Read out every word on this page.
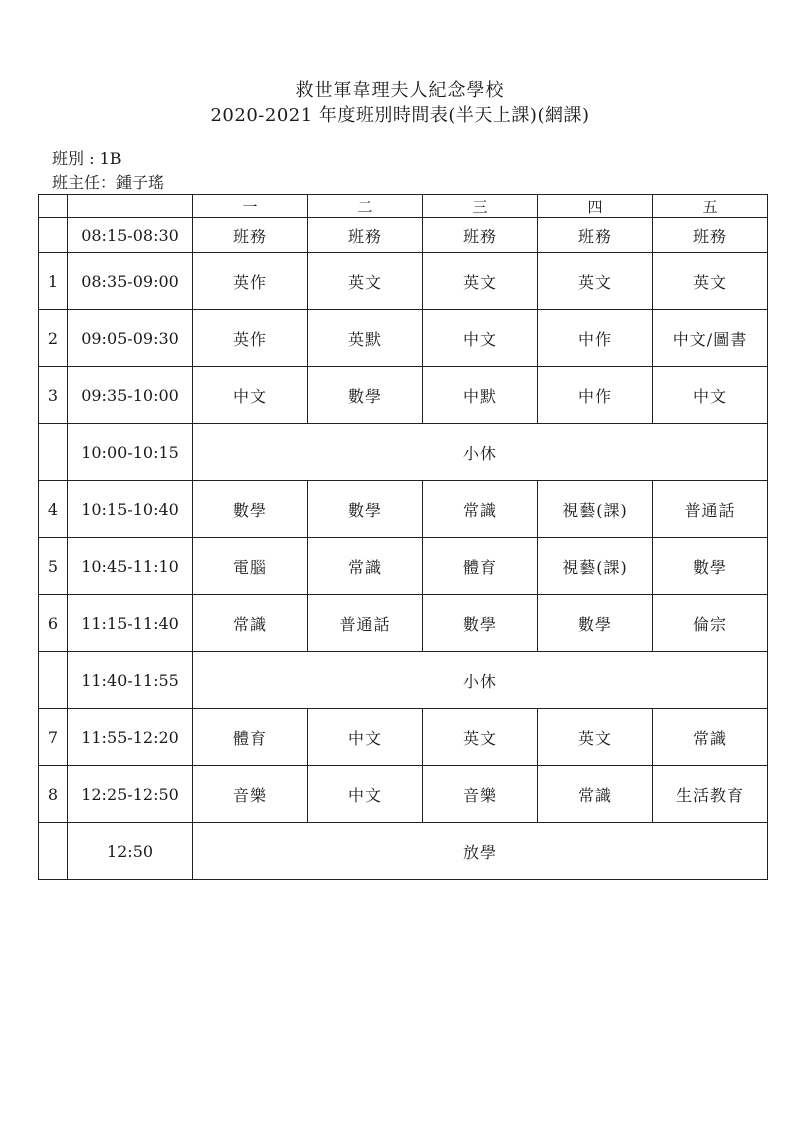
救世軍韋理夫人紀念學校
2020-2021 年度班別時間表(半天上課)(網課)
班別 : 1B
班主任：鍾子瑤
		一	二	三	四	五
	08:15-08:30	班務	班務	班務	班務	班務
1	08:35-09:00	英作	英文	英文	英文	英文
2	09:05-09:30	英作	英默	中文	中作	中文/圖書
3	09:35-10:00	中文	數學	中默	中作	中文
	10:00-10:15	小休				
4	10:15-10:40	數學	數學	常識	視藝(課)	普通話
5	10:45-11:10	電腦	常識	體育	視藝(課)	數學
6	11:15-11:40	常識	普通話	數學	數學	倫宗
	11:40-11:55	小休				
7	11:55-12:20	體育	中文	英文	英文	常識
8	12:25-12:50	音樂	中文	音樂	常識	生活教育
	12:50	放學				
